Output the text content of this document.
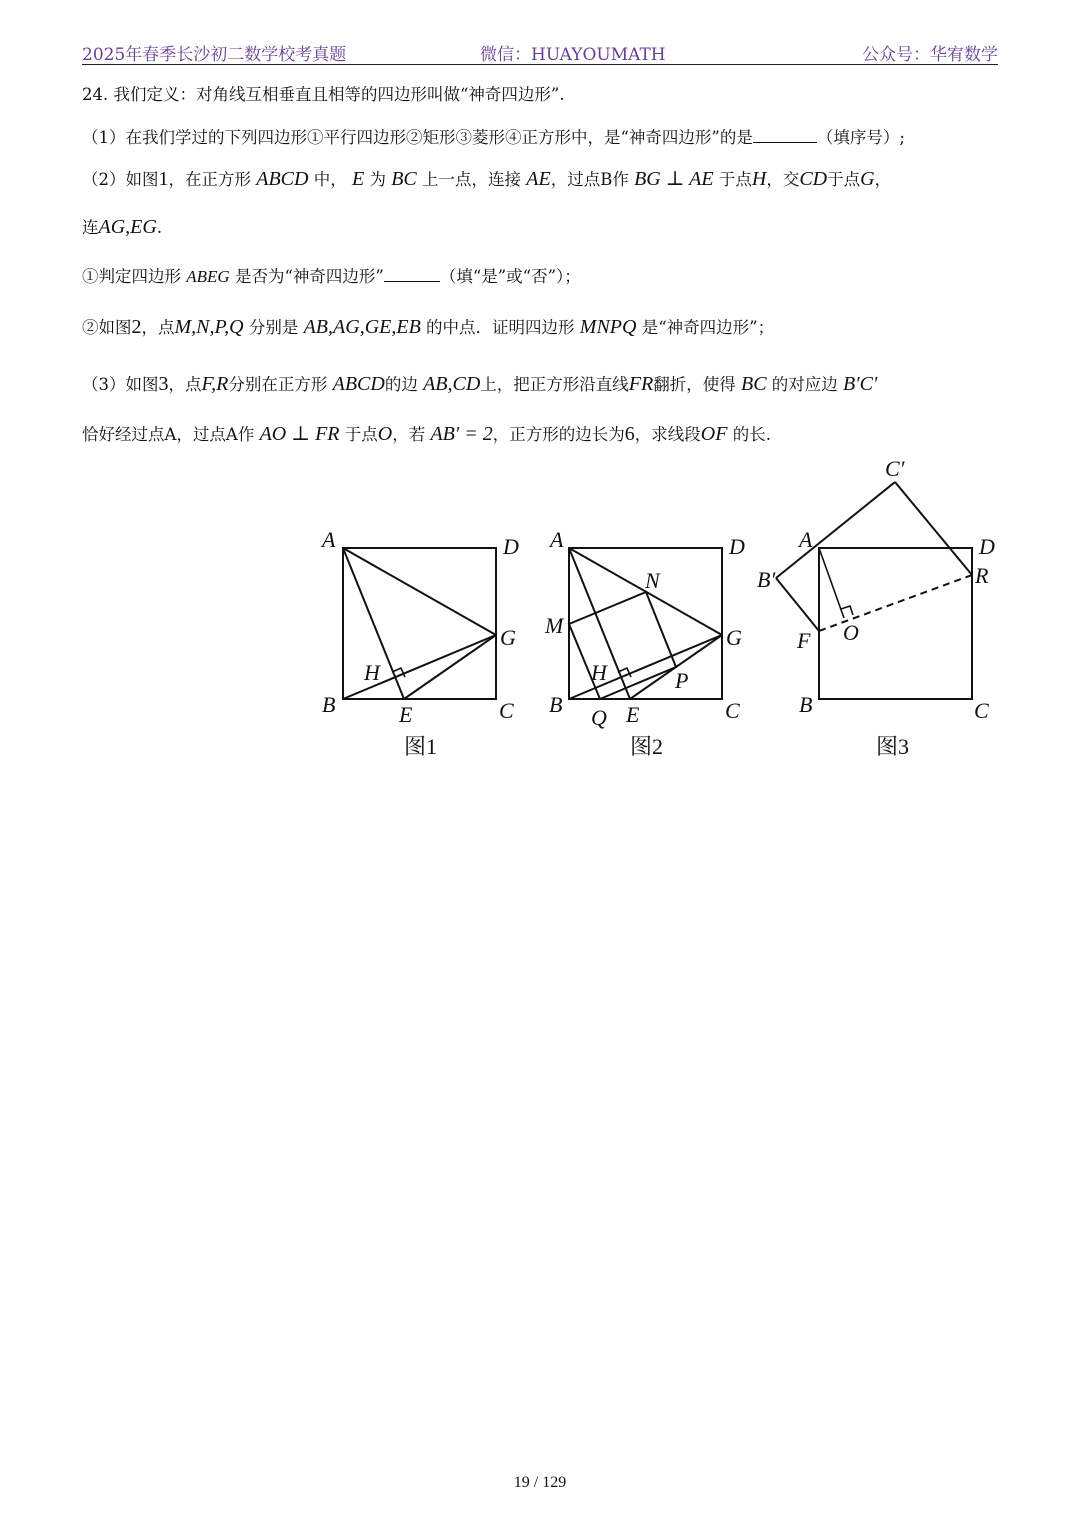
2025年春季长沙初二数学校考真题	微信：HUAYOUMATH	公众号：华宥数学
24. 我们定义：对角线互相垂直且相等的四边形叫做“神奇四边形”.
（1）在我们学过的下列四边形①平行四边形②矩形③菱形④正方形中，是“神奇四边形”的是	（填序号）;
（2）如图1，在正方形 ABCD 中， E 为 BC 上一点，连接 AE，过点B作 BG ⊥ AE 于点H，交CD于点G，
连AG,EG.
①判定四边形 ABEG 是否为“神奇四边形”	（填“是”或“否”）；
②如图2，点M,N,P,Q 分别是 AB,AG,GE,EB 的中点．证明四边形 MNPQ 是“神奇四边形”；
（3）如图3，点F,R分别在正方形 ABCD的边 AB,CD上，把正方形沿直线FR翻折，使得 BC 的对应边 B′C′
恰好经过点A，过点A作 AO ⊥ FR 于点O，若 AB′ = 2，正方形的边长为6，求线段OF 的长.
A	D
G
H
B	E	C
图1
A	D
N
M	G
H	P
B
Q E	C
图2
C′
A	D
R
B′
O
F
B	C
图3
19 / 129
